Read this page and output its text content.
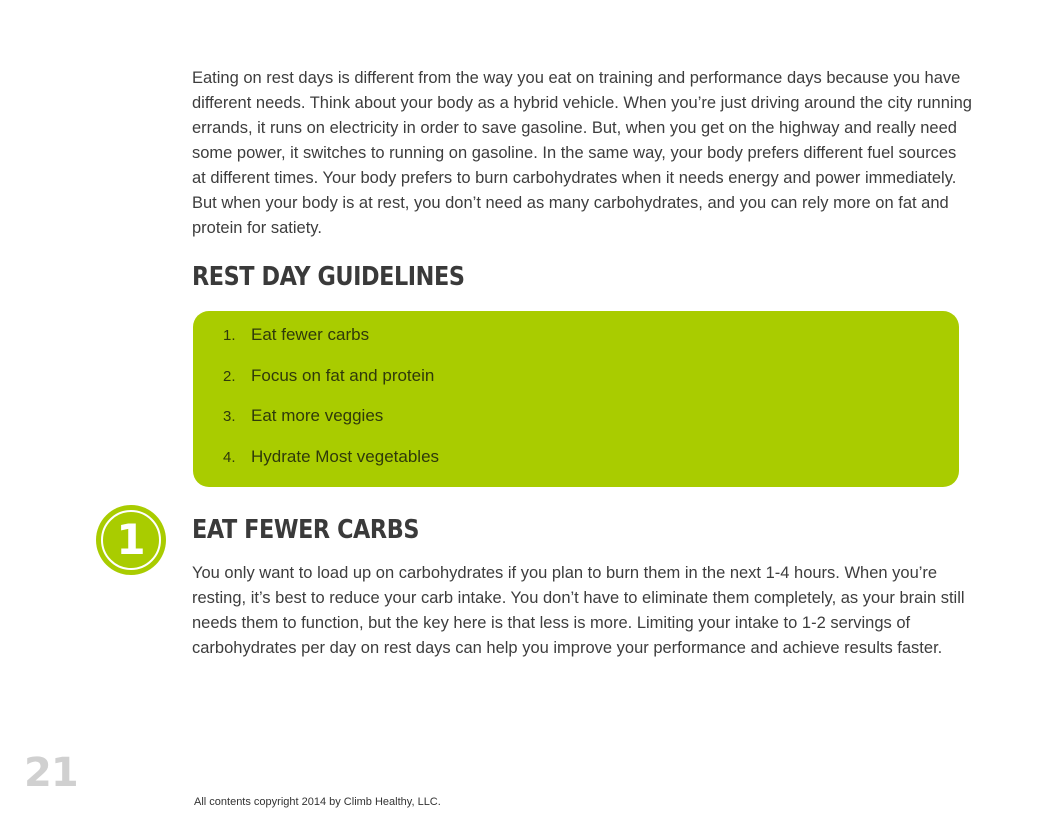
Eating on rest days is different from the way you eat on training and performance days because you have different needs. Think about your body as a hybrid vehicle. When you’re just driving around the city running errands, it runs on electricity in order to save gasoline. But, when you get on the highway and really need some power, it switches to running on gasoline. In the same way, your body prefers different fuel sources at different times. Your body prefers to burn carbohydrates when it needs energy and power immediately. But when your body is at rest, you don’t need as many carbohydrates, and you can rely more on fat and protein for satiety.

REST DAY GUIDELINES
1. Eat fewer carbs
2. Focus on fat and protein
3. Eat more veggies
4. Hydrate Most vegetables
1	EAT FEWER CARBS

You only want to load up on carbohydrates if you plan to burn them in the next 1-4 hours. When you’re resting, it’s best to reduce your carb intake. You don’t have to eliminate them completely, as your brain still needs them to function, but the key here is that less is more. Limiting your intake to 1-2 servings of carbohydrates per day on rest days can help you improve your performance and achieve results faster.

21
All contents copyright 2014 by Climb Healthy, LLC.
